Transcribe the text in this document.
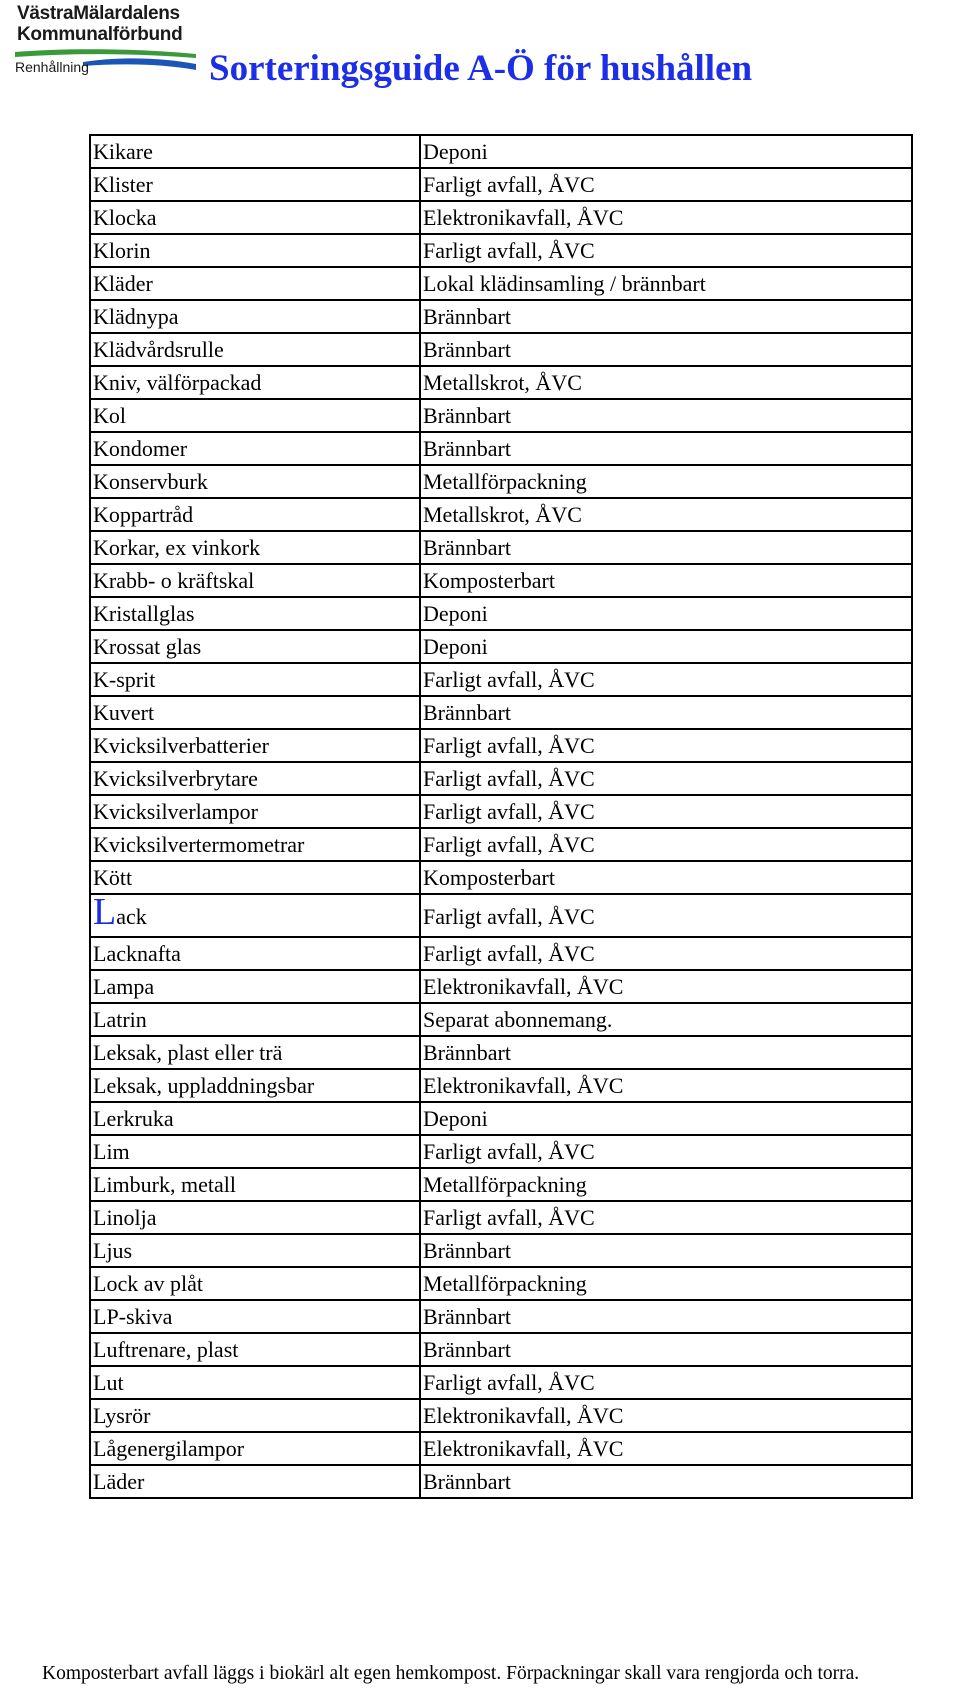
VästraMälardalens
Kommunalförbund
Renhållning	Sorteringsguide A-Ö för hushållen
Kikare	Deponi
Klister	Farligt avfall, ÅVC
Klocka	Elektronikavfall, ÅVC
Klorin	Farligt avfall, ÅVC
Kläder	Lokal klädinsamling / brännbart
Klädnypa	Brännbart
Klädvårdsrulle	Brännbart
Kniv, välförpackad	Metallskrot, ÅVC
Kol	Brännbart
Kondomer	Brännbart
Konservburk	Metallförpackning
Koppartråd	Metallskrot, ÅVC
Korkar, ex vinkork	Brännbart
Krabb- o kräftskal	Komposterbart
Kristallglas	Deponi
Krossat glas	Deponi
K-sprit	Farligt avfall, ÅVC
Kuvert	Brännbart
Kvicksilverbatterier	Farligt avfall, ÅVC
Kvicksilverbrytare	Farligt avfall, ÅVC
Kvicksilverlampor	Farligt avfall, ÅVC
Kvicksilvertermometrar	Farligt avfall, ÅVC
Kött	Komposterbart
Lack	Farligt avfall, ÅVC
Lacknafta	Farligt avfall, ÅVC
Lampa	Elektronikavfall, ÅVC
Latrin	Separat abonnemang.
Leksak, plast eller trä	Brännbart
Leksak, uppladdningsbar	Elektronikavfall, ÅVC
Lerkruka	Deponi
Lim	Farligt avfall, ÅVC
Limburk, metall	Metallförpackning
Linolja	Farligt avfall, ÅVC
Ljus	Brännbart
Lock av plåt	Metallförpackning
LP-skiva	Brännbart
Luftrenare, plast	Brännbart
Lut	Farligt avfall, ÅVC
Lysrör	Elektronikavfall, ÅVC
Lågenergilampor	Elektronikavfall, ÅVC
Läder	Brännbart
Komposterbart avfall läggs i biokärl alt egen hemkompost. Förpackningar skall vara rengjorda och torra.
